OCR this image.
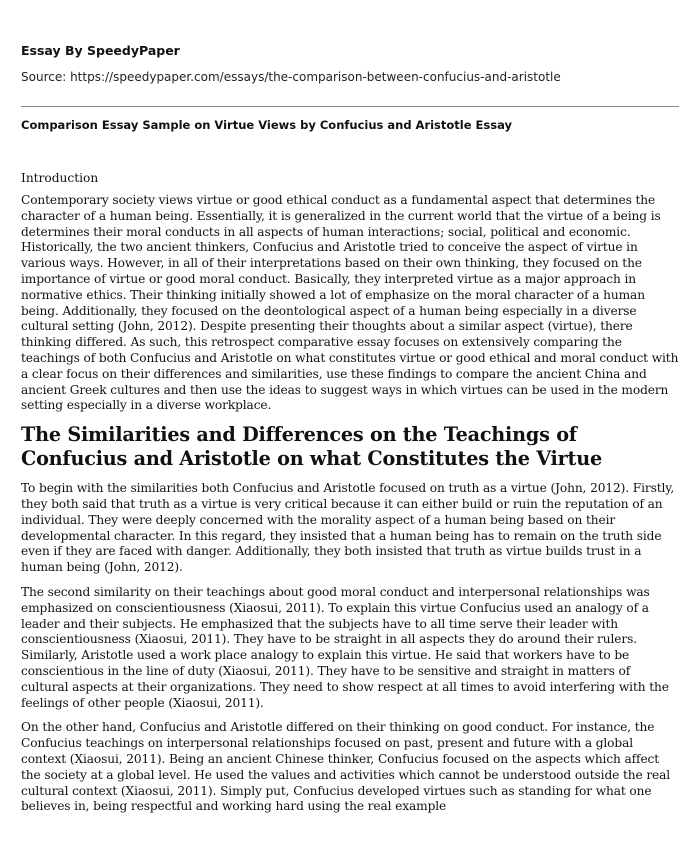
Essay By SpeedyPaper
Source: https://speedypaper.com/essays/the-comparison-between-confucius-and-aristotle
Comparison Essay Sample on Virtue Views by Confucius and Aristotle Essay
Introduction

Contemporary society views virtue or good ethical conduct as a fundamental aspect that determines the character of a human being. Essentially, it is generalized in the current world that the virtue of a being is determines their moral conducts in all aspects of human interactions; social, political and economic. Historically, the two ancient thinkers, Confucius and Aristotle tried to conceive the aspect of virtue in various ways. However, in all of their interpretations based on their own thinking, they focused on the importance of virtue or good moral conduct. Basically, they interpreted virtue as a major approach in normative ethics. Their thinking initially showed a lot of emphasize on the moral character of a human being. Additionally, they focused on the deontological aspect of a human being especially in a diverse cultural setting (John, 2012). Despite presenting their thoughts about a similar aspect (virtue), there thinking differed. As such, this retrospect comparative essay focuses on extensively comparing the teachings of both Confucius and Aristotle on what constitutes virtue or good ethical and moral conduct with a clear focus on their differences and similarities, use these findings to compare the ancient China and ancient Greek cultures and then use the ideas to suggest ways in which virtues can be used in the modern setting especially in a diverse workplace.

The Similarities and Differences on the Teachings of Confucius and Aristotle on what Constitutes the Virtue

To begin with the similarities both Confucius and Aristotle focused on truth as a virtue (John, 2012). Firstly, they both said that truth as a virtue is very critical because it can either build or ruin the reputation of an individual. They were deeply concerned with the morality aspect of a human being based on their developmental character. In this regard, they insisted that a human being has to remain on the truth side even if they are faced with danger. Additionally, they both insisted that truth as virtue builds trust in a human being (John, 2012).

The second similarity on their teachings about good moral conduct and interpersonal relationships was emphasized on conscientiousness (Xiaosui, 2011). To explain this virtue Confucius used an analogy of a leader and their subjects. He emphasized that the subjects have to all time serve their leader with conscientiousness (Xiaosui, 2011). They have to be straight in all aspects they do around their rulers. Similarly, Aristotle used a work place analogy to explain this virtue. He said that workers have to be conscientious in the line of duty (Xiaosui, 2011). They have to be sensitive and straight in matters of cultural aspects at their organizations. They need to show respect at all times to avoid interfering with the feelings of other people (Xiaosui, 2011).

On the other hand, Confucius and Aristotle differed on their thinking on good conduct. For instance, the Confucius teachings on interpersonal relationships focused on past, present and future with a global context (Xiaosui, 2011). Being an ancient Chinese thinker, Confucius focused on the aspects which affect the society at a global level. He used the values and activities which cannot be understood outside the real cultural context (Xiaosui, 2011). Simply put, Confucius developed virtues such as standing for what one believes in, being respectful and working hard using the real example
